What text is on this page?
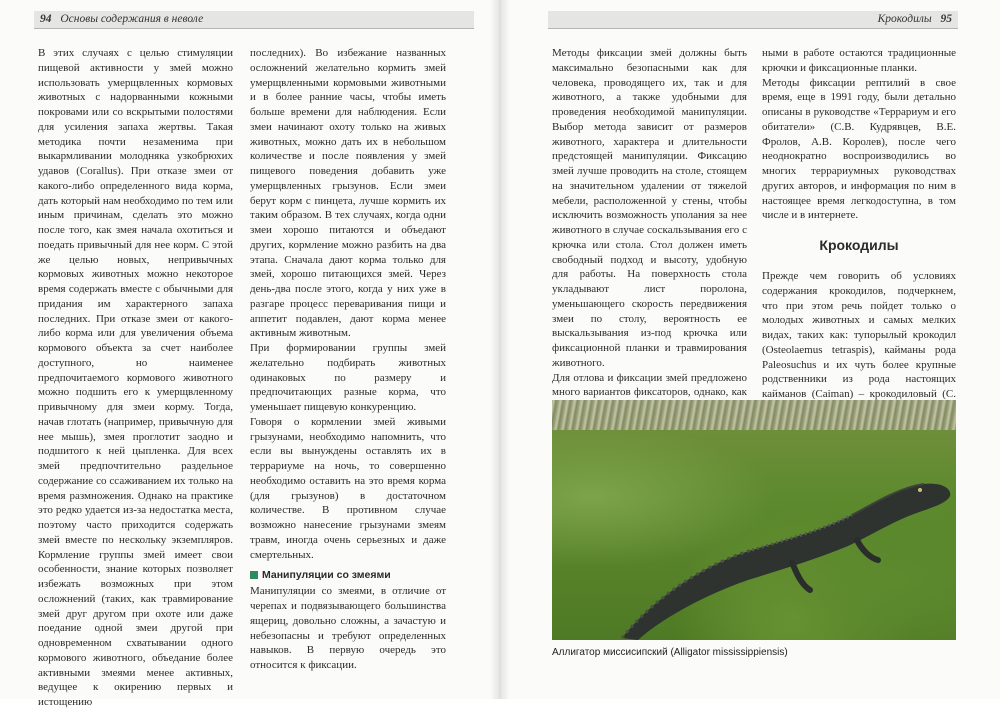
94 Основы содержания в неволе	Крокодилы 95

В этих случаях с целью стимуляции пищевой активности у змей можно использовать умерщвленных кормовых животных с надорванными кожными покровами или со вскрытыми полостями для усиления запаха жертвы. Такая методика почти незаменима при выкармливании молодняка узкобрюхих удавов (Corallus). При отказе змеи от какого-либо определенного вида корма, дать который нам необходимо по тем или иным причинам, сделать это можно после того, как змея начала охотиться и поедать привычный для нее корм. С этой же целью новых, непривычных кормовых животных можно некоторое время содержать вместе с обычными для придания им характерного запаха последних. При отказе змеи от какого-либо корма или для увеличения объема кормового объекта за счет наиболее доступного, но наименее предпочитаемого кормового животного можно подшить его к умерщвленному привычному для змеи корму. Тогда, начав глотать (например, привычную для нее мышь), змея проглотит заодно и подшитого к ней цыпленка. Для всех змей предпочтительно раздельное содержание со ссаживанием их только на время размножения. Однако на практике это редко удается из-за недостатка места, поэтому часто приходится содержать змей вместе по нескольку экземпляров. Кормление группы змей имеет свои особенности, знание которых позволяет избежать возможных при этом осложнений (таких, как травмирование змей друг другом при охоте или даже поедание одной змеи другой при одновременном схватывании одного кормового животного, объедание более активными змеями менее активных, ведущее к окирению первых и истощению

последних). Во избежание названных осложнений желательно кормить змей умерщвленными кормовыми животными и в более ранние часы, чтобы иметь больше времени для наблюдения. Если змеи начинают охоту только на живых животных, можно дать их в небольшом количестве и после появления у змей пищевого поведения добавить уже умерщвленных грызунов. Если змеи берут корм с пинцета, лучше кормить их таким образом. В тех случаях, когда одни змеи хорошо питаются и объедают других, кормление можно разбить на два этапа. Сначала дают корма только для змей, хорошо питающихся змей. Через день-два после этого, когда у них уже в разгаре процесс переваривания пищи и аппетит подавлен, дают корма менее активным животным.

При формировании группы змей желательно подбирать животных одинаковых по размеру и предпочитающих разные корма, что уменьшает пищевую конкуренцию.

Говоря о кормлении змей живыми грызунами, необходимо напомнить, что если вы вынуждены оставлять их в террариуме на ночь, то совершенно необходимо оставить на это время корма (для грызунов) в достаточном количестве. В противном случае возможно нанесение грызунами змеям травм, иногда очень серьезных и даже смертельных.

Манипуляции со змеями

Манипуляции со змеями, в отличие от черепах и подвязывающего большинства ящериц, довольно сложны, а зачастую и небезопасны и требуют определенных навыков. В первую очередь это относится к фиксации.

Методы фиксации змей должны быть максимально безопасными как для человека, проводящего их, так и для животного, а также удобными для проведения необходимой манипуляции. Выбор метода зависит от размеров животного, характера и длительности предстоящей манипуляции. Фиксацию змей лучше проводить на столе, стоящем на значительном удалении от тяжелой мебели, расположенной у стены, чтобы исключить возможность уполания за нее животного в случае соскальзывания его с крючка или стола. Стол должен иметь свободный подход и высоту, удобную для работы. На поверхность стола укладывают лист поролона, уменьшающего скорость передвижения змеи по столу, вероятность ее выскальзывания из-под крючка или фиксационной планки и травмирования животного.

Для отлова и фиксации змей предложено много вариантов фиксаторов, однако, как

ными в работе остаются традиционные крючки и фиксационные планки.

Методы фиксации рептилий в свое время, еще в 1991 году, были детально описаны в руководстве «Террариум и его обитатели» (С.В. Кудрявцев, В.Е. Фролов, А.В. Королев), после чего неоднократно воспроизводились во многих террариумных руководствах других авторов, и информация по ним в настоящее время легкодоступна, в том числе и в интернете.

Крокодилы

Прежде чем говорить об условиях содержания крокодилов, подчеркнем, что при этом речь пойдет только о молодых животных и самых мелких видах, таких как: тупорылый крокодил (Osteolaemus tetraspis), кайманы рода Paleosuchus и их чуть более крупные родственники из рода настоящих кайманов (Caiman) – крокодиловый (C.

Аллигатор миссисипский (Alligator mississippiensis)
